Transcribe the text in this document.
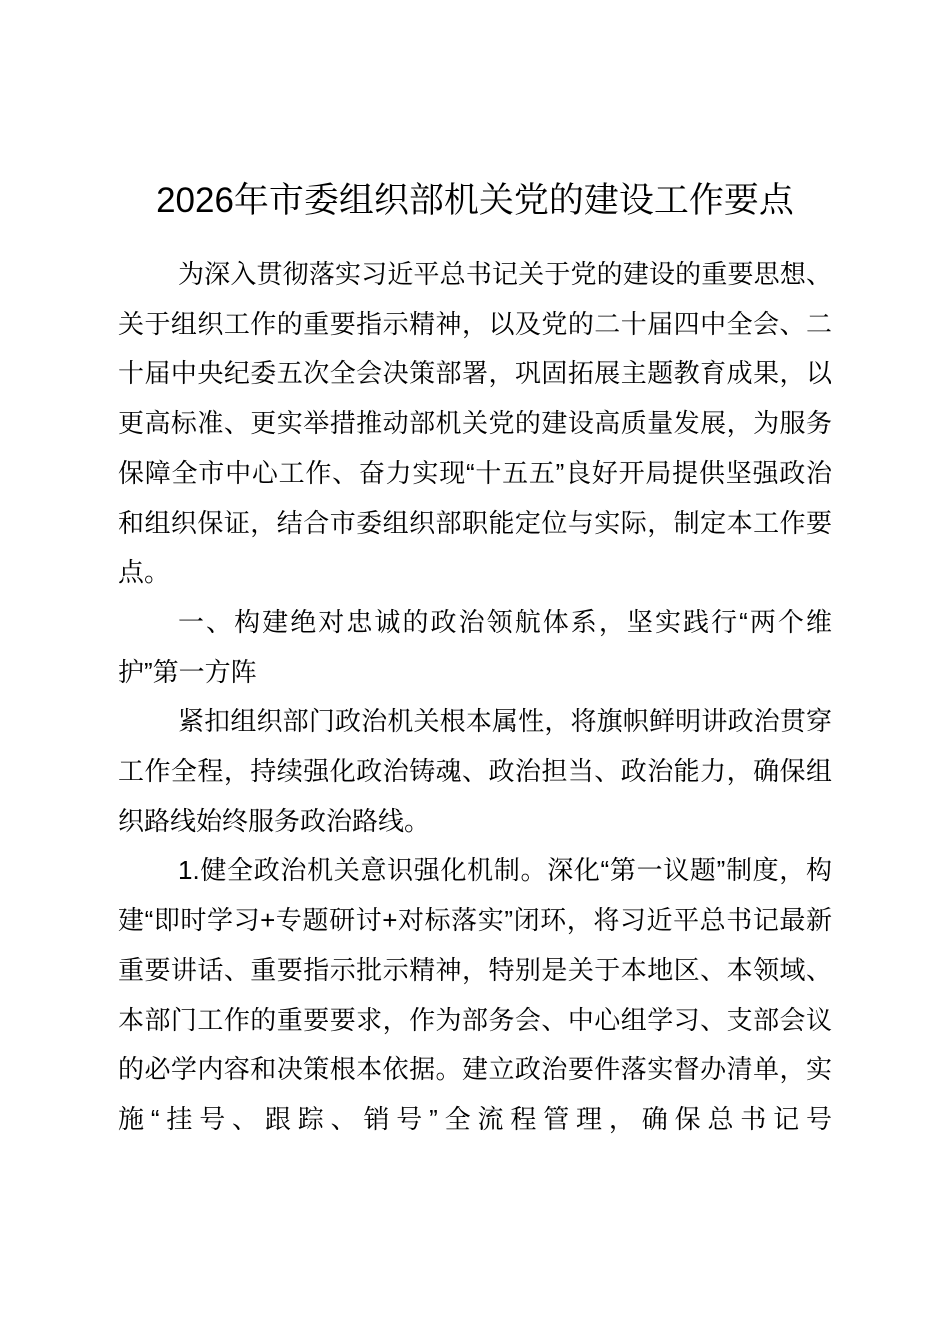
2026年市委组织部机关党的建设工作要点

为深入贯彻落实习近平总书记关于党的建设的重要思想、关于组织工作的重要指示精神，以及党的二十届四中全会、二十届中央纪委五次全会决策部署，巩固拓展主题教育成果，以更高标准、更实举措推动部机关党的建设高质量发展，为服务保障全市中心工作、奋力实现“十五五”良好开局提供坚强政治和组织保证，结合市委组织部职能定位与实际，制定本工作要点。

一、构建绝对忠诚的政治领航体系，坚实践行“两个维护”第一方阵

紧扣组织部门政治机关根本属性，将旗帜鲜明讲政治贯穿工作全程，持续强化政治铸魂、政治担当、政治能力，确保组织路线始终服务政治路线。

1.健全政治机关意识强化机制。深化“第一议题”制度，构建“即时学习+专题研讨+对标落实”闭环，将习近平总书记最新重要讲话、重要指示批示精神，特别是关于本地区、本领域、本部门工作的重要要求，作为部务会、中心组学习、支部会议的必学内容和决策根本依据。建立政治要件落实督办清单，实施“挂号、跟踪、销号”全流程管理，确保总书记号
